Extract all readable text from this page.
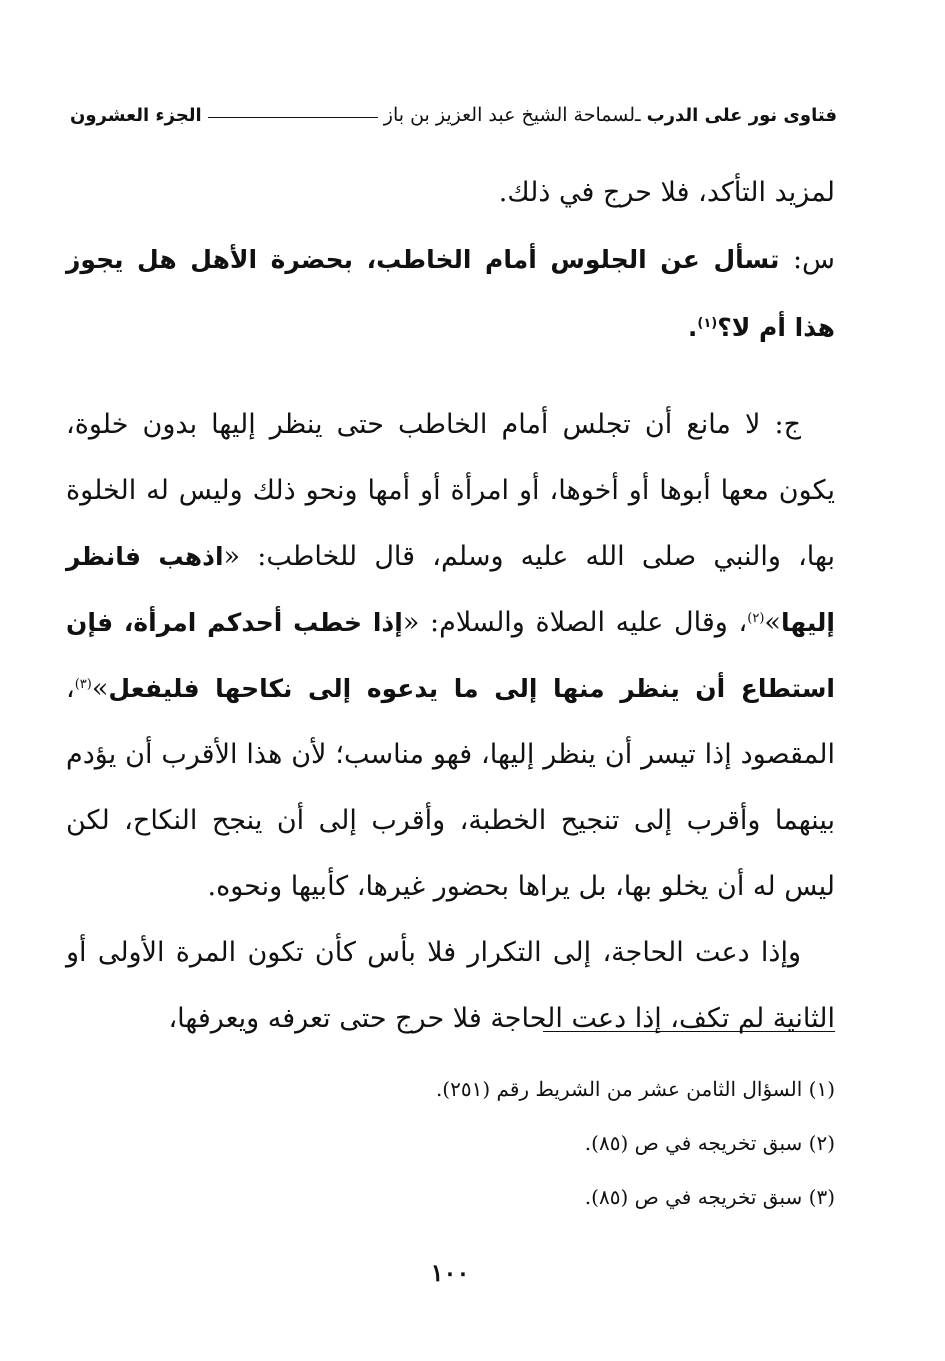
فتاوى نور على الدرب
ـ
لسماحة الشيخ عبد العزيز بن باز
الجزء العشرون

لمزيد التأكد، فلا حرج في ذلك.

س: تسأل عن الجلوس أمام الخاطب، بحضرة الأهل هل يجوز هذا أم لا؟$^{(١)}$.

ج: لا مانع أن تجلس أمام الخاطب حتى ينظر إليها بدون خلوة، يكون معها أبوها أو أخوها، أو امرأة أو أمها ونحو ذلك وليس له الخلوة بها، والنبي صلى الله عليه وسلم، قال للخاطب: «اذهب فانظر إليها»$^{(٢)}$، وقال عليه الصلاة والسلام: «إذا خطب أحدكم امرأة، فإن استطاع أن ينظر منها إلى ما يدعوه إلى نكاحها فليفعل»$^{(٣)}$، المقصود إذا تيسر أن ينظر إليها، فهو مناسب؛ لأن هذا الأقرب أن يؤدم بينهما وأقرب إلى تنجيح الخطبة، وأقرب إلى أن ينجح النكاح، لكن ليس له أن يخلو بها، بل يراها بحضور غيرها، كأبيها ونحوه.

وإذا دعت الحاجة، إلى التكرار فلا بأس كأن تكون المرة الأولى أو الثانية لم تكف، إذا دعت الحاجة فلا حرج حتى تعرفه ويعرفها،

(١) السؤال الثامن عشر من الشريط رقم (٢٥١).

(٢) سبق تخريجه في ص (٨٥).

(٣) سبق تخريجه في ص (٨٥).

١٠٠
